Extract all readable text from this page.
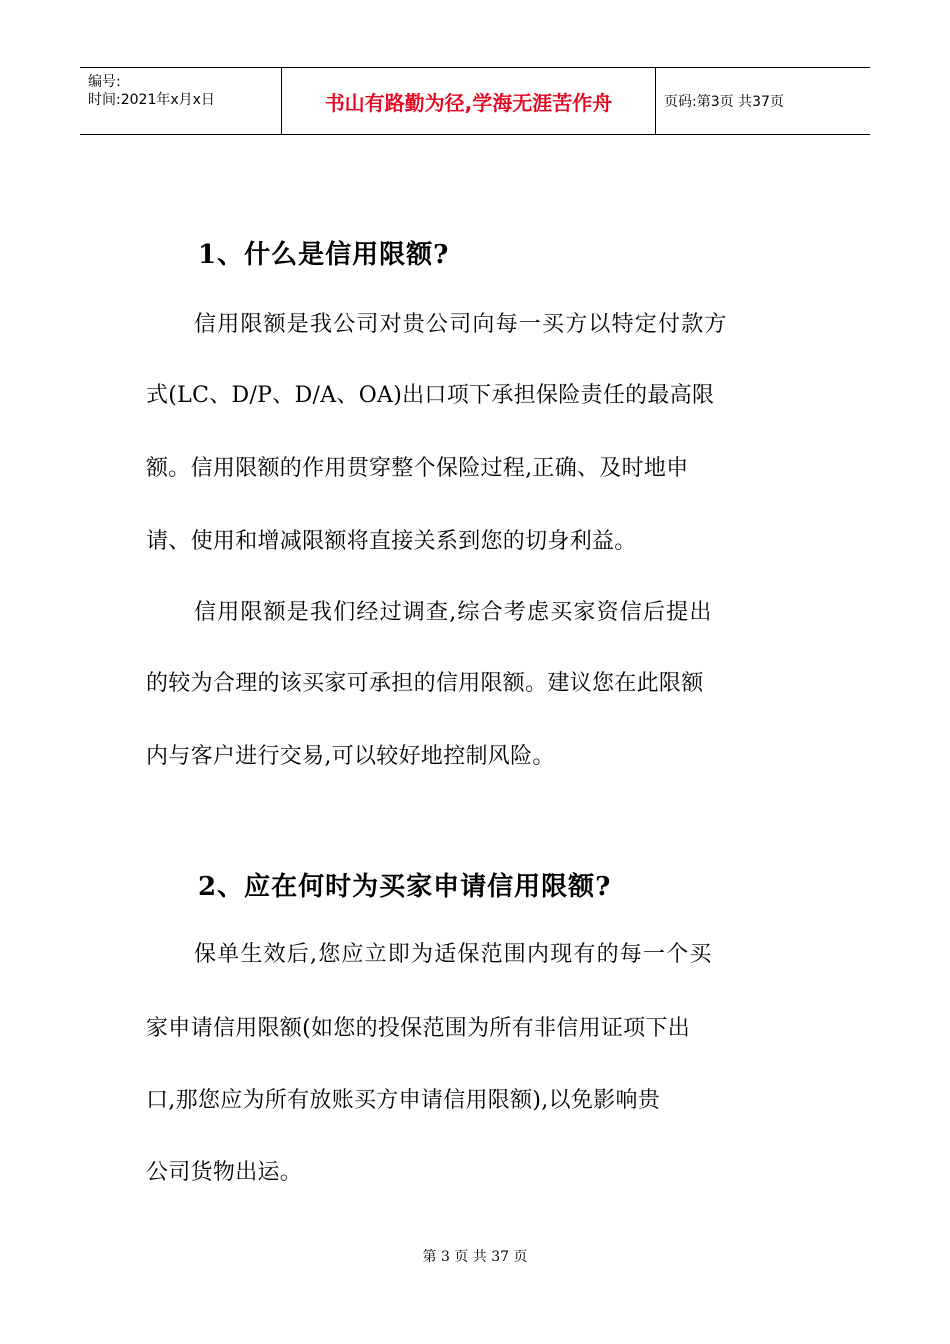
编号:
时间:2021年x月x日	书山有路勤为径,学海无涯苦作舟	页码:第3页 共37页
1、什么是信用限额?

信用限额是我公司对贵公司向每一买方以特定付款方

式(LC、D/P、D/A、OA)出口项下承担保险责任的最高限

额。信用限额的作用贯穿整个保险过程,正确、及时地申

请、使用和增减限额将直接关系到您的切身利益。

信用限额是我们经过调查,综合考虑买家资信后提出

的较为合理的该买家可承担的信用限额。建议您在此限额

内与客户进行交易,可以较好地控制风险。

2、应在何时为买家申请信用限额?

保单生效后,您应立即为适保范围内现有的每一个买

家申请信用限额(如您的投保范围为所有非信用证项下出

口,那您应为所有放账买方申请信用限额),以免影响贵

公司货物出运。

第 3 页 共 37 页
